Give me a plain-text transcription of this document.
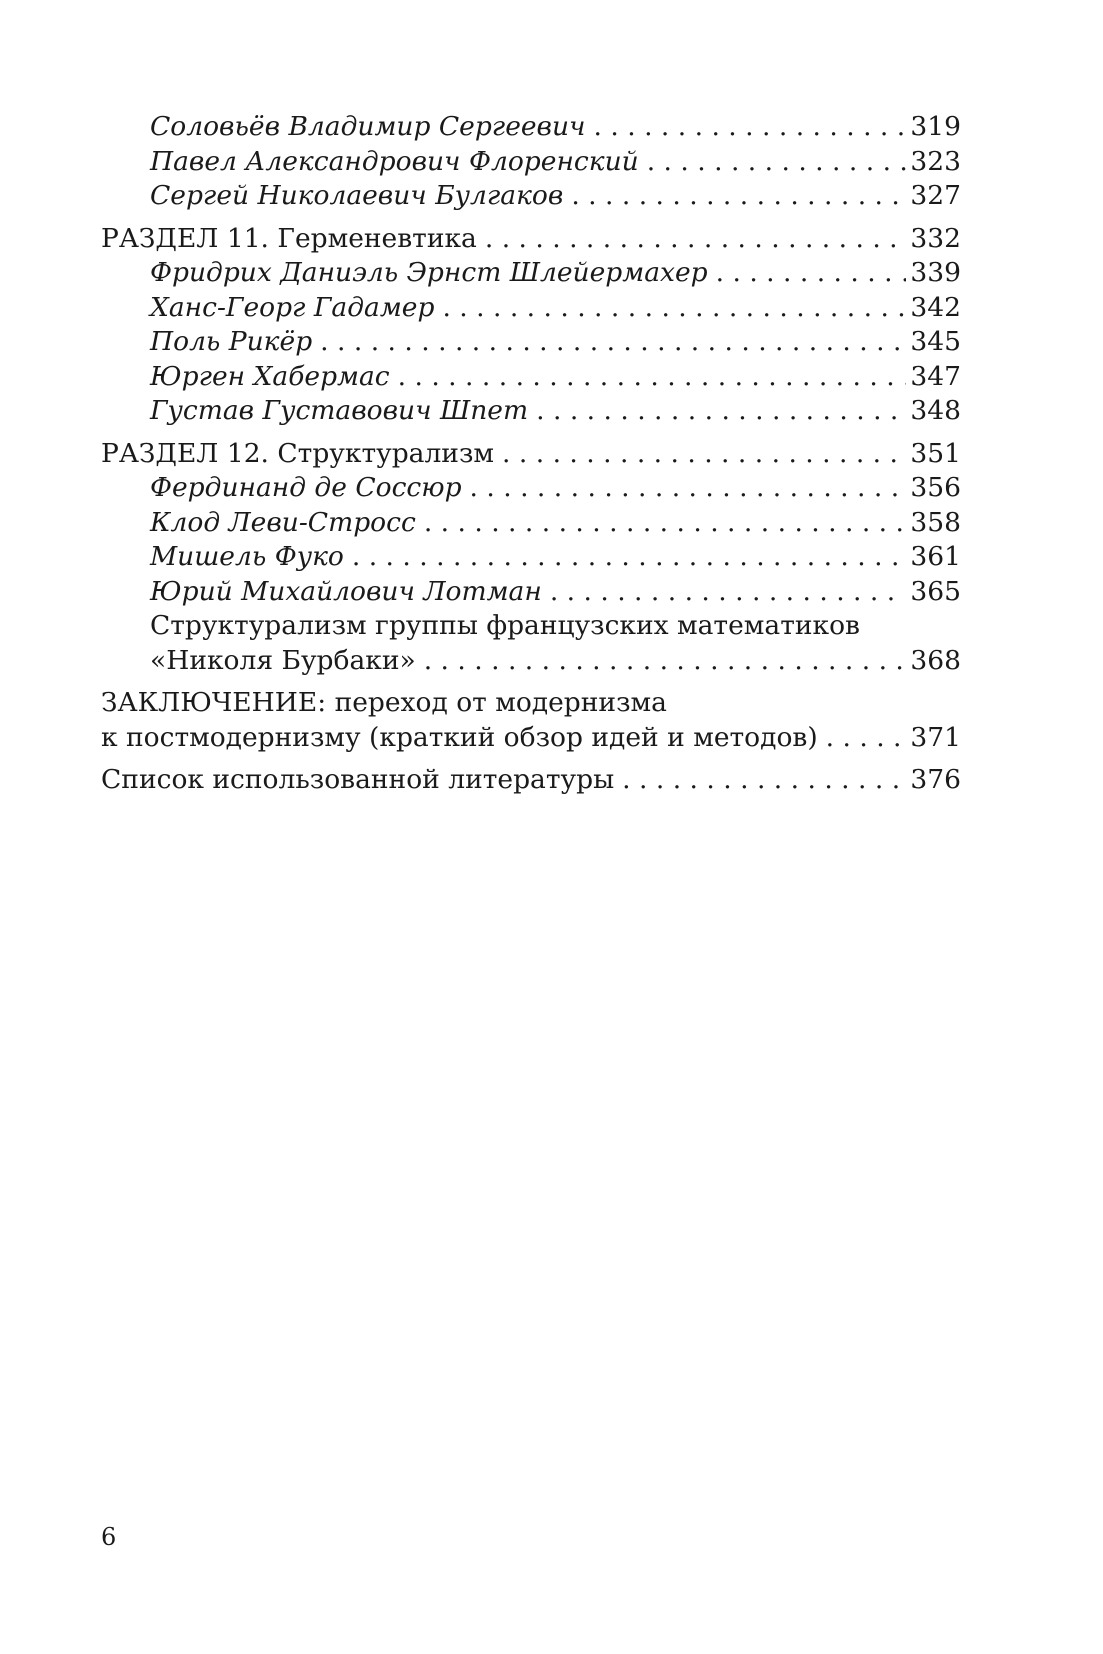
Соловьёв Владимир Сергеевич . . .	319
Павел Александрович Флоренский . . .	323
Сергей Николаевич Булгаков . . .	327
РАЗДЕЛ 11. Герменевтика . . .	332
Фридрих Даниэль Эрнст Шлейермахер . . .	339
Ханс-Георг Гадамер . . .	342
Поль Рикёр . . .	345
Юрген Хабермас . . .	347
Густав Густавович Шпет . . .	348
РАЗДЕЛ 12. Структурализм . . .	351
Фердинанд де Соссюр . . .	356
Клод Леви-Стросс . . .	358
Мишель Фуко . . .	361
Юрий Михайлович Лотман . . .	365
Структурализм группы французских математиков
«Николя Бурбаки» . . .	368
ЗАКЛЮЧЕНИЕ: переход от модернизма
к постмодернизму (краткий обзор идей и методов) . . .	371
Список использованной литературы . . .	376
6
